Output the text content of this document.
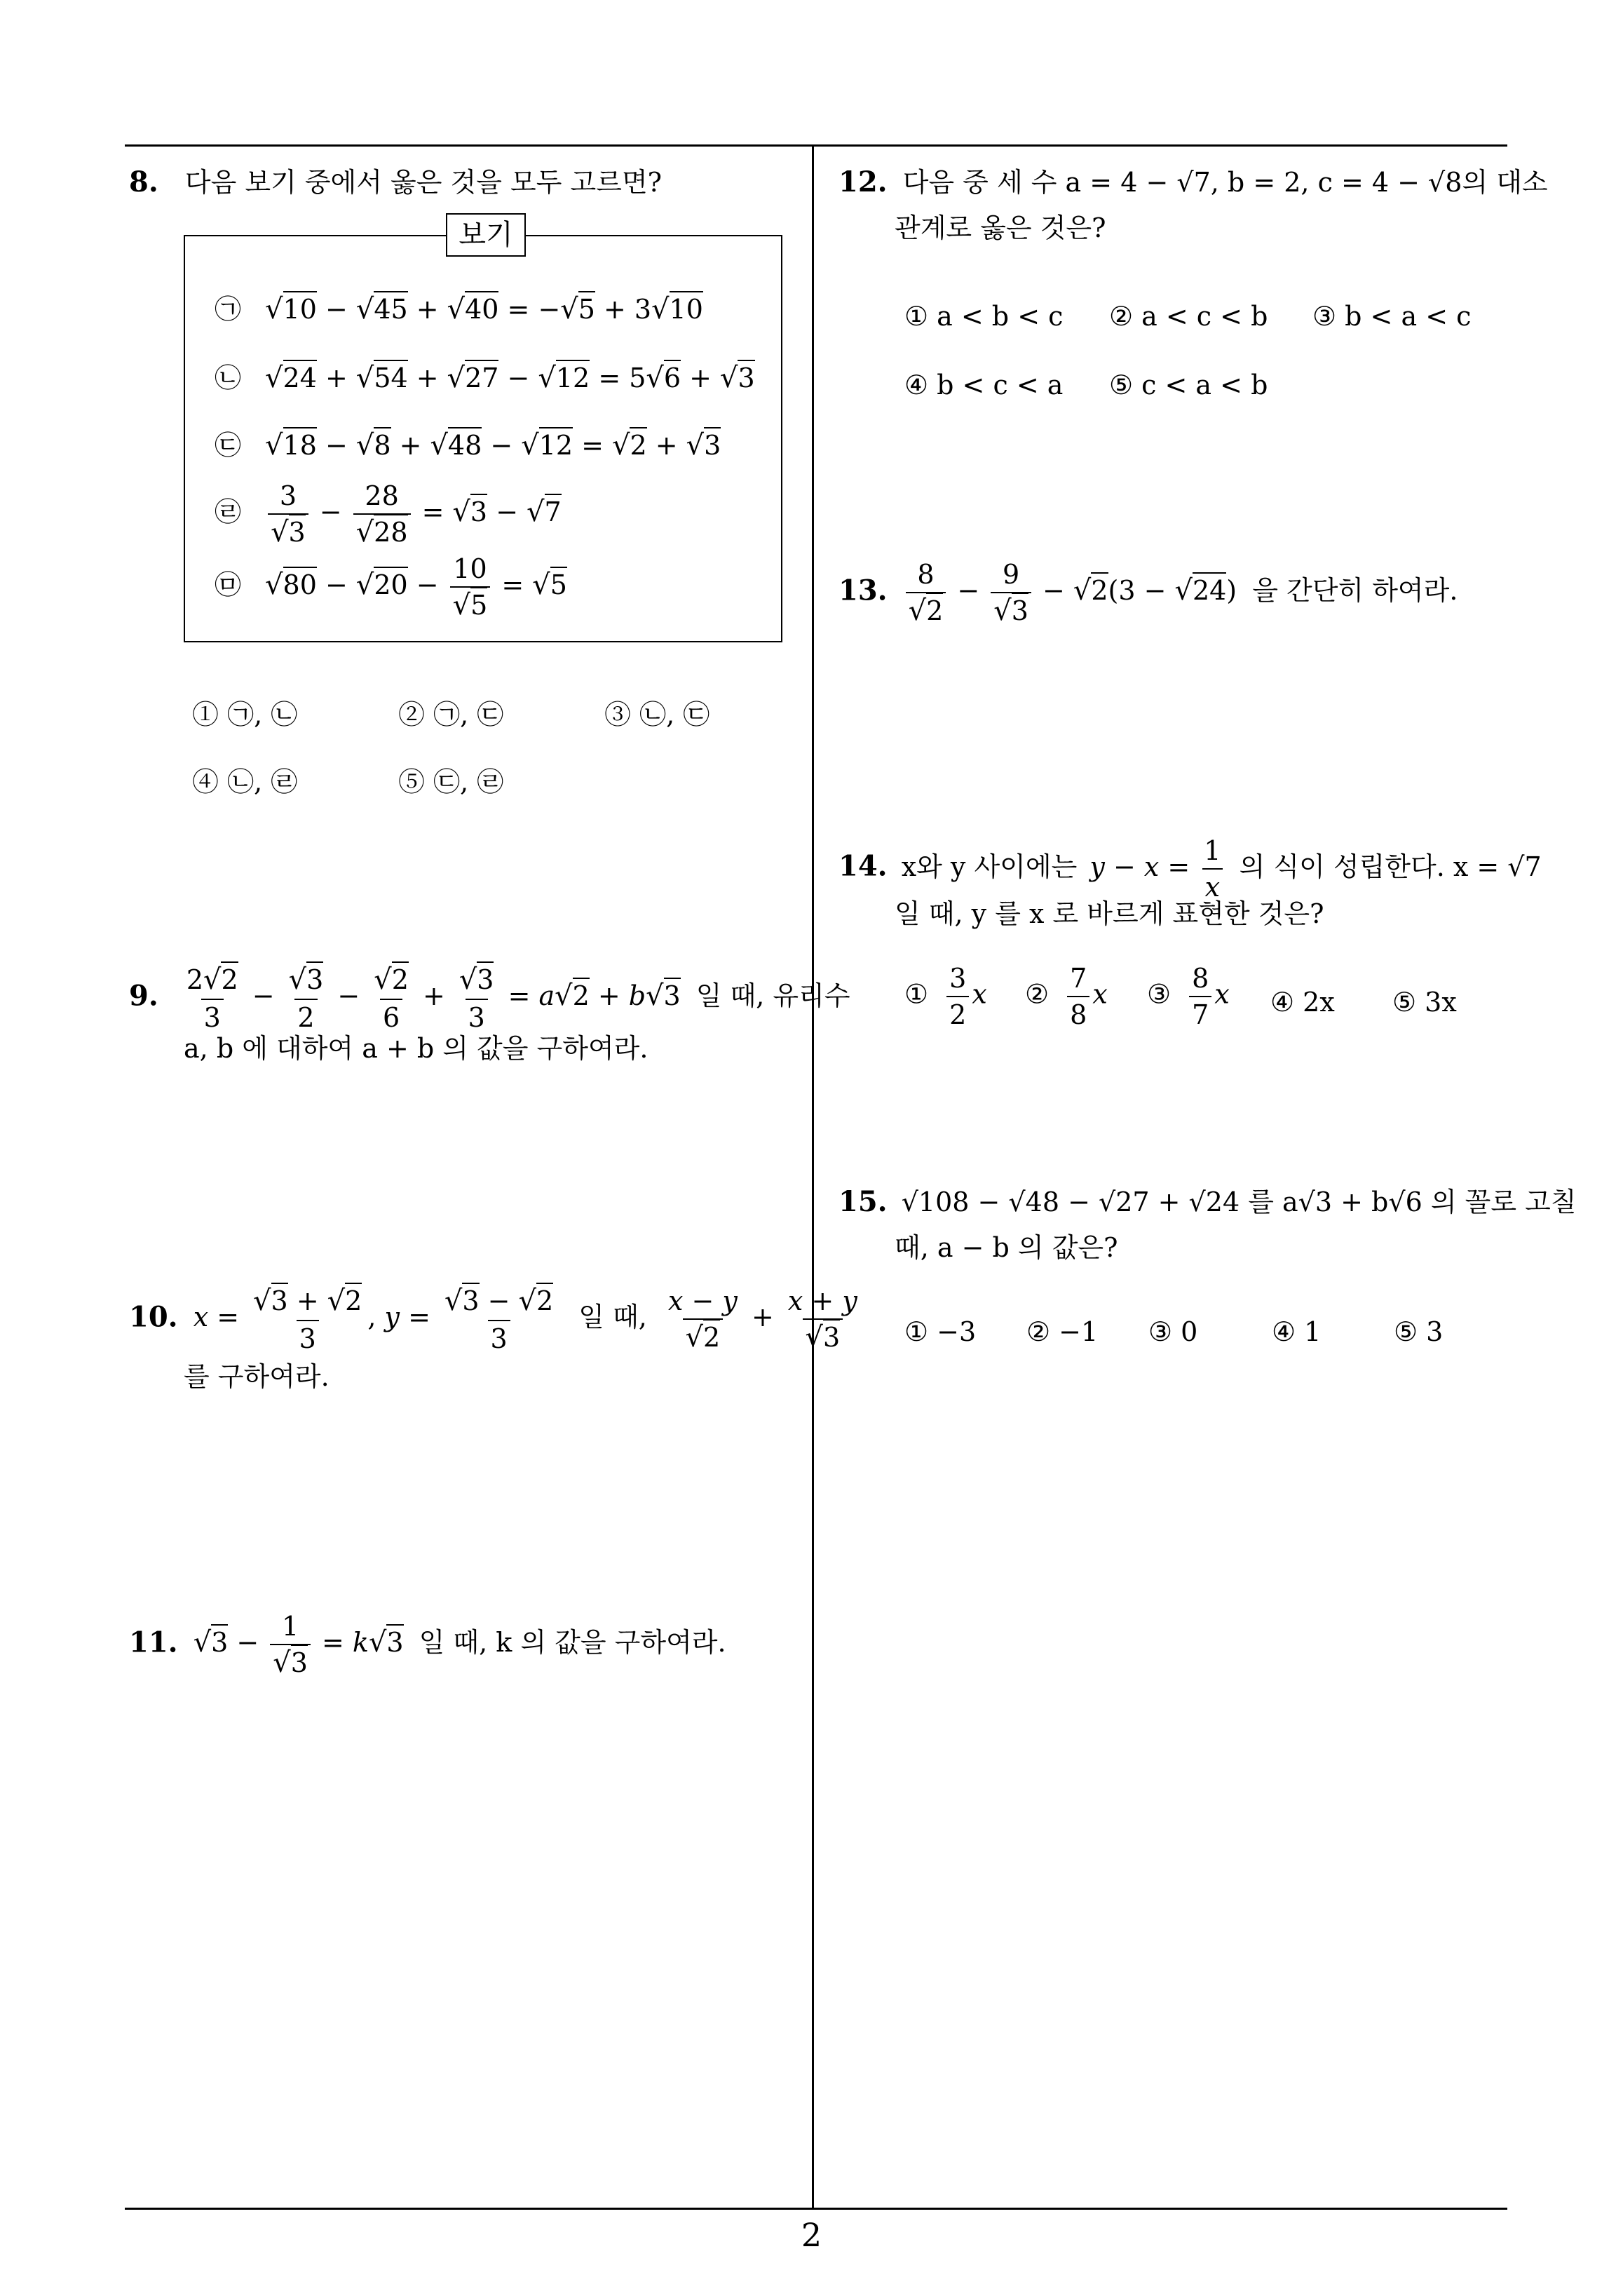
2
8. 다음 보기 중에서 옳은 것을 모두 고르면?
보기
㉠ √10 − √45 + √40 = −√5 + 3√10
㉡ √24 + √54 + √27 − √12 = 5√6 + √3
㉢ √18 − √8 + √48 − √12 = √2 + √3
㉣ $\frac{3}{√3} - \frac{28}{√28} = √3 - √7$
㉤ $√80 - √20 - \frac{10}{√5} = √5$
① ㉠, ㉡	② ㉠, ㉢	③ ㉡, ㉢
④ ㉡, ㉣	⑤ ㉢, ㉣
9. $\frac{2√2}{3} - \frac{√3}{2} - \frac{√2}{6} + \frac{√3}{3} = a√2 + b√3$ 일 때, 유리수
a, b 에 대하여 a + b 의 값을 구하여라.
10. $x = \frac{√3 + √2}{3}$ , $y = \frac{√3 - √2}{3}$ 일 때, $\frac{x - y}{√2} + \frac{x + y}{√3}$
를 구하여라.
11. $√3 - \frac{1}{√3} = k√3$ 일 때, k 의 값을 구하여라.
12. 다음 중 세 수 a = 4 − √7, b = 2, c = 4 − √8의 대소
관계로 옳은 것은?
① a < b < c ② a < c < b ③ b < a < c
④ b < c < a ⑤ c < a < b
13. $\frac{8}{√2} - \frac{9}{√3} - √2(3 - √24)$ 을 간단히 하여라.
14. x와 y 사이에는 $y - x = \frac{1}{x}$ 의 식이 성립한다. x = √7
일 때, y 를 x 로 바르게 표현한 것은?
① $\frac{3}{2}$ x ② $\frac{7}{8}$ x ③ $\frac{8}{7}$ x ④ 2x ⑤ 3x
15. √108 − √48 − √27 + √24 를 a√3 + b√6 의 꼴로 고칠
때, a − b 의 값은?
① −3 ② −1 ③ 0	④ 1	⑤ 3
